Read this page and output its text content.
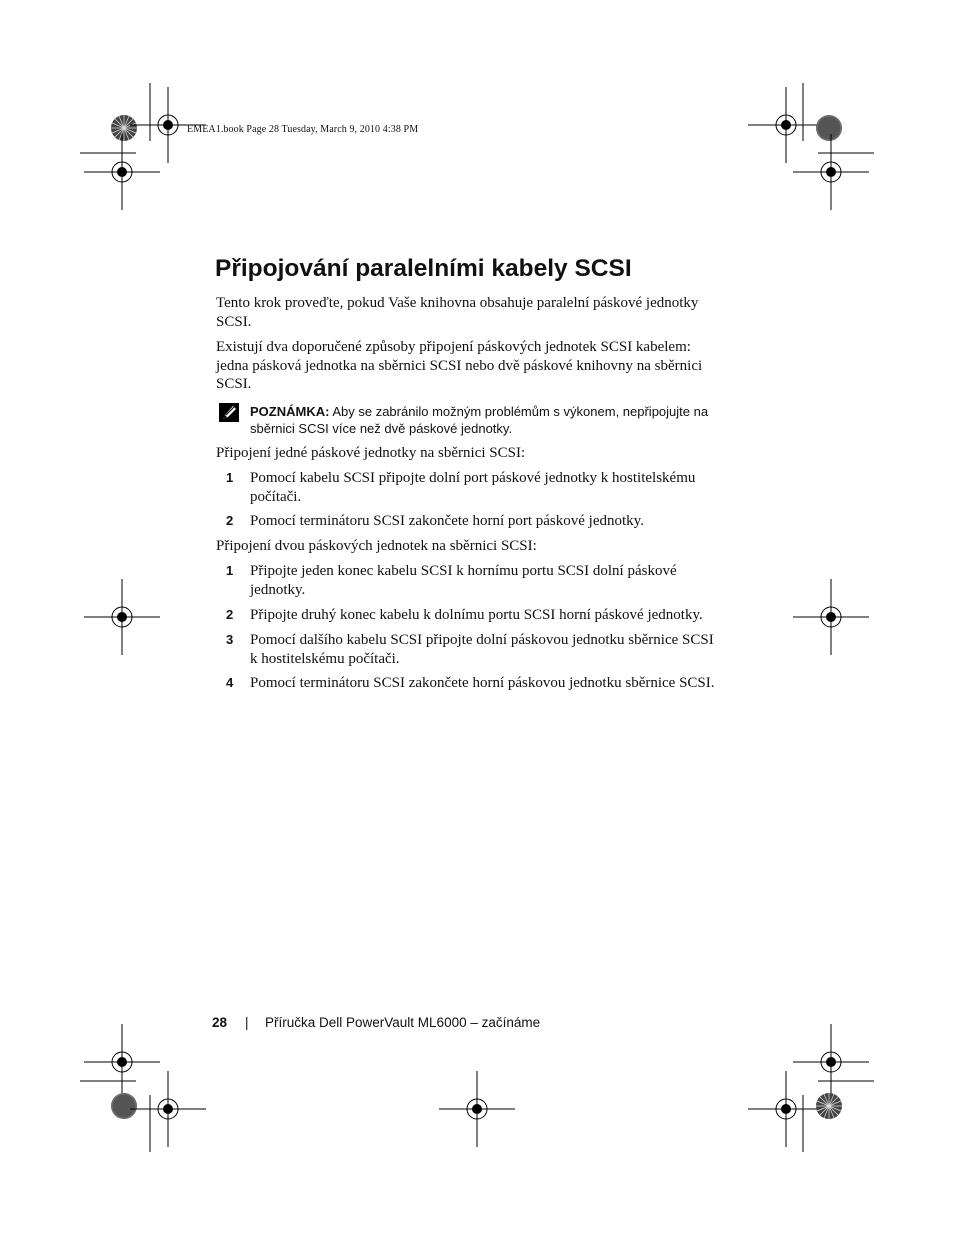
EMEA1.book Page 28 Tuesday, March 9, 2010 4:38 PM
Připojování paralelními kabely SCSI

Tento krok proveďte, pokud Vaše knihovna obsahuje paralelní páskové jednotky SCSI.

Existují dva doporučené způsoby připojení páskových jednotek SCSI kabelem: jedna pásková jednotka na sběrnici SCSI nebo dvě páskové knihovny na sběrnici SCSI.

POZNÁMKA: Aby se zabránilo možným problémům s výkonem, nepřipojujte na sběrnici SCSI více než dvě páskové jednotky.

Připojení jedné páskové jednotky na sběrnici SCSI:

1 Pomocí kabelu SCSI připojte dolní port páskové jednotky k hostitelskému počítači.

2 Pomocí terminátoru SCSI zakončete horní port páskové jednotky.

Připojení dvou páskových jednotek na sběrnici SCSI:

1 Připojte jeden konec kabelu SCSI k hornímu portu SCSI dolní páskové jednotky.

2 Připojte druhý konec kabelu k dolnímu portu SCSI horní páskové jednotky.

3 Pomocí dalšího kabelu SCSI připojte dolní páskovou jednotku sběrnice SCSI k hostitelskému počítači.

4 Pomocí terminátoru SCSI zakončete horní páskovou jednotku sběrnice SCSI.

28 | Příručka Dell PowerVault ML6000 – začínáme
